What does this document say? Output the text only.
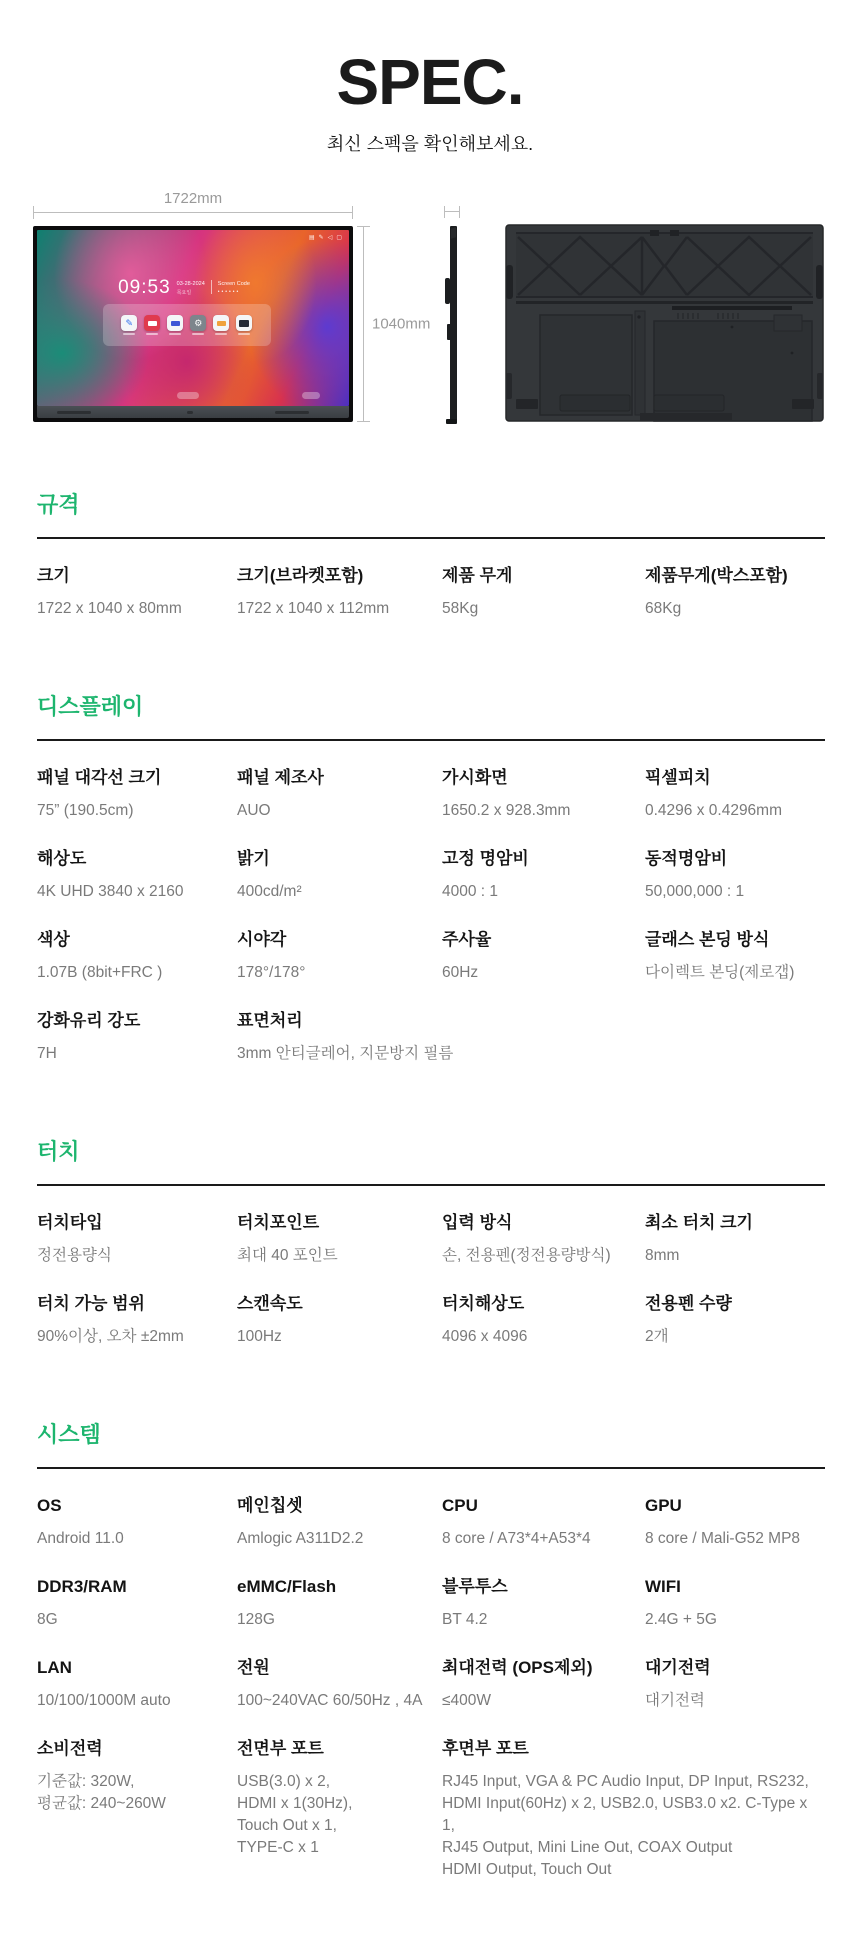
SPEC.
최신 스펙을 확인해보세요.
1722mm
▤ ✎ ◁ ▢
09:53 03-28-2024
목요일
Screen Code
••••••
✎	⚙	1040mm
규격
크기
1722 x 1040 x 80mm
크기(브라켓포함)
1722 x 1040 x 112mm
제품 무게
58Kg
제품무게(박스포함)
68Kg
디스플레이
패널 대각선 크기
75” (190.5cm)
패널 제조사
AUO
가시화면
1650.2 x 928.3mm
픽셀피치
0.4296 x 0.4296mm
해상도
4K UHD 3840 x 2160
밝기
400cd/m²
고정 명암비
4000 : 1
동적명암비
50,000,000 : 1
색상
1.07B (8bit+FRC )
시야각
178°/178°
주사율
60Hz
글래스 본딩 방식
다이렉트 본딩(제로갭)
강화유리 강도
7H
표면처리
3mm 안티글레어, 지문방지 필름
터치
터치타입
정전용량식
터치포인트
최대 40 포인트
입력 방식
손, 전용펜(정전용량방식)
최소 터치 크기
8mm
터치 가능 범위
90%이상, 오차 ±2mm
스캔속도
100Hz
터치해상도
4096 x 4096
전용펜 수량
2개
시스템
OS
Android 11.0
메인칩셋
Amlogic A311D2.2
CPU
8 core / A73*4+A53*4
GPU
8 core / Mali-G52 MP8
DDR3/RAM
8G
eMMC/Flash
128G
블루투스
BT 4.2
WIFI
2.4G + 5G
LAN
10/100/1000M auto
전원
100~240VAC 60/50Hz , 4A
최대전력 (OPS제외)
≤400W
대기전력
대기전력
소비전력
기준값: 320W,
평균값: 240~260W
전면부 포트
USB(3.0) x 2,
HDMI x 1(30Hz),
Touch Out x 1,
TYPE-C x 1
후면부 포트
RJ45 Input, VGA & PC Audio Input, DP Input, RS232,
HDMI Input(60Hz) x 2, USB2.0, USB3.0 x2. C-Type x 1,
RJ45 Output, Mini Line Out, COAX Output
HDMI Output, Touch Out
